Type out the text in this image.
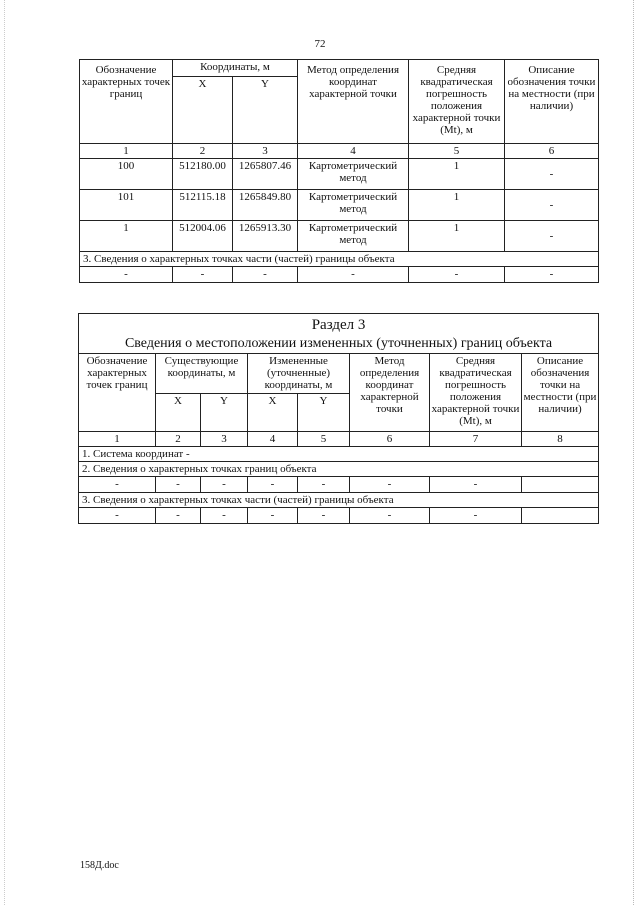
72
Обозначение характерных точек границ	Координаты, м		Метод определения координат характерной точки	Средняя квадратическая погрешность положения характерной точки (Mt), м	Описание обозначения точки на местности (при наличии)
	X	Y			
1	2	3	4	5	6
100	512180.00	1265807.46	Картометрический метод	1	-
101	512115.18	1265849.80	Картометрический метод	1	-
1	512004.06	1265913.30	Картометрический метод	1	-
3. Сведения о характерных точках части (частей) границы объекта					
-	-	-	-	-	-
Раздел 3							
Сведения о местоположении измененных (уточненных) границ объекта							
Обозначение характерных точек границ	Существующие координаты, м		Измененные (уточненные) координаты, м		Метод определения координат характерной точки	Средняя квадратическая погрешность положения характерной точки (Mt), м	Описание обозначения точки на местности (при наличии)
	X	Y	X	Y			
1	2	3	4	5	6	7	8
1. Система координат -							
2. Сведения о характерных точках границ объекта							
-	-	-	-	-	-	-	
3. Сведения о характерных точках части (частей) границы объекта							
-	-	-	-	-	-	-	
158Д.doc
